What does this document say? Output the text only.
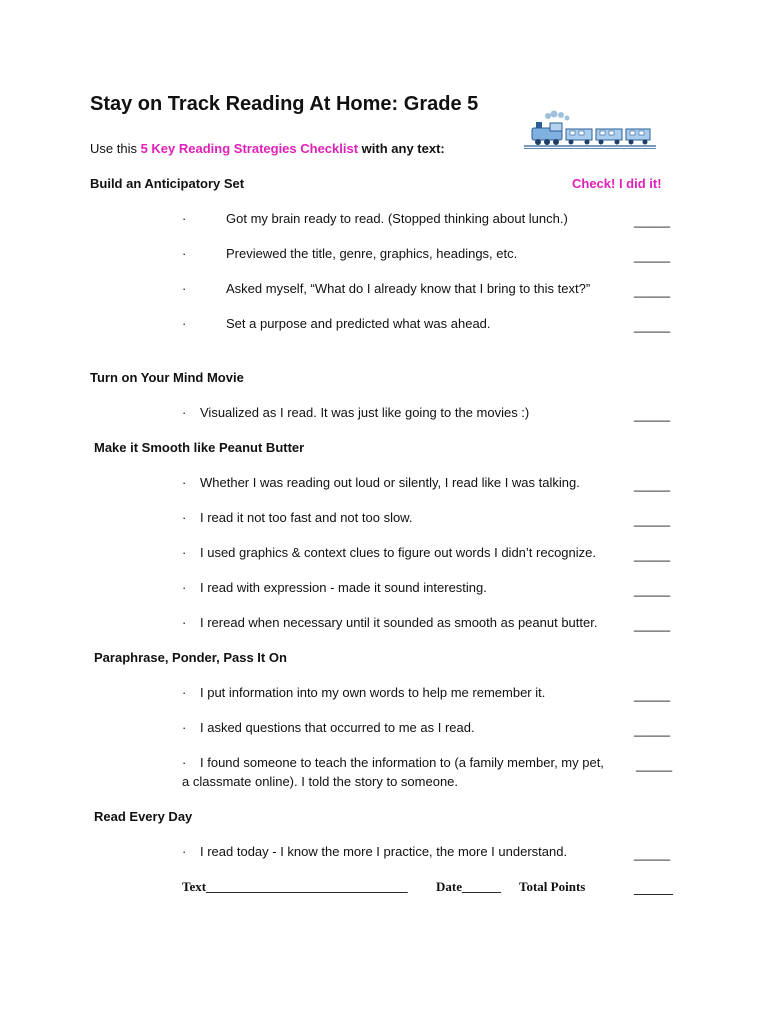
Stay on Track Reading At Home: Grade 5
Use this 5 Key Reading Strategies Checklist with any text:
Build an Anticipatory Set	Check! I did it!
·	Got my brain ready to read. (Stopped thinking about lunch.)	_____
·	Previewed the title, genre, graphics, headings, etc.	_____
·	Asked myself, “What do I already know that I bring to this text?”	_____
·	Set a purpose and predicted what was ahead.	_____
Turn on Your Mind Movie
· Visualized as I read. It was just like going to the movies :)	_____
Make it Smooth like Peanut Butter
· Whether I was reading out loud or silently, I read like I was talking.	_____
· I read it not too fast and not too slow.	_____
· I used graphics & context clues to figure out words I didn’t recognize.	_____
· I read with expression - made it sound interesting.	_____
· I reread when necessary until it sounded as smooth as peanut butter.	_____
Paraphrase, Ponder, Pass It On
· I put information into my own words to help me remember it.	_____
· I asked questions that occurred to me as I read.	_____
· I found someone to teach the information to (a family member, my pet, _____
a classmate online). I told the story to someone.
Read Every Day
· I read today - I know the more I practice, the more I understand.	_____
Text_______________________________ Date______ Total Points	______
